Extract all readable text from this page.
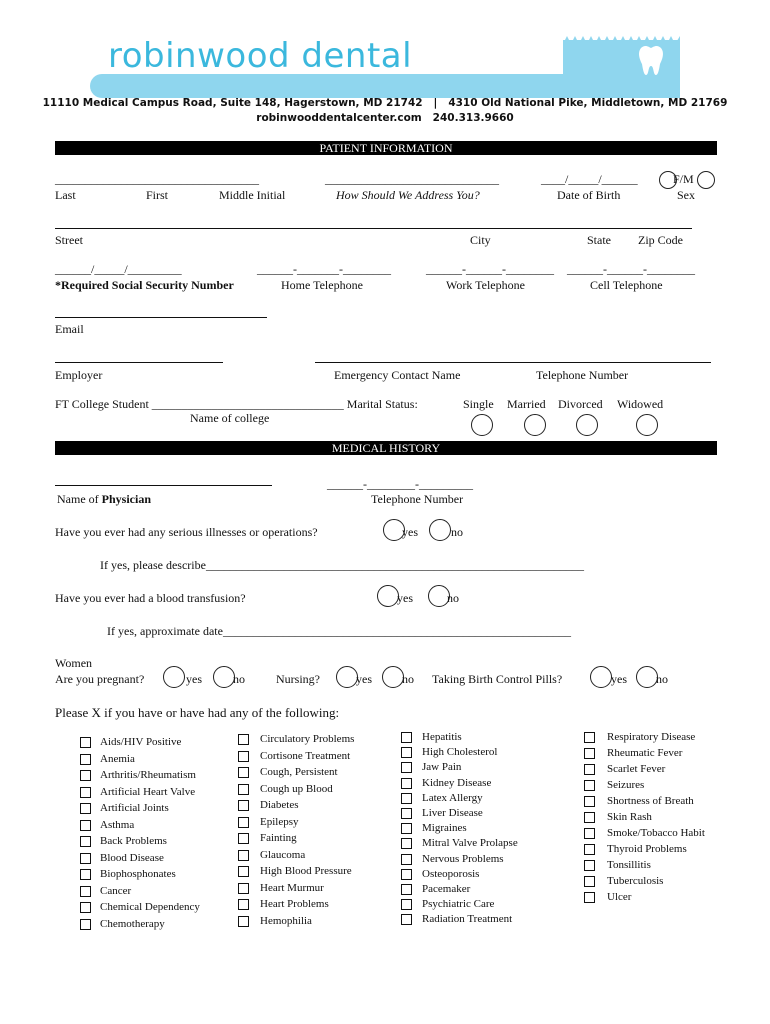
robinwood dental
11110 Medical Campus Road, Suite 148, Hagerstown, MD 21742   |   4310 Old National Pike, Middletown, MD 21769
robinwooddentalcenter.com   240.313.9660
PATIENT INFORMATION
__________________________________
Last	First	Middle Initial
_____________________________
How Should We Address You?
____/_____/______
Date of Birth
F/M
Sex
Street	City	State Zip Code
______/_____/_________
*Required Social Security Number
______-_______-________
Home Telephone
______-______-________
Work Telephone
______-______-________
Cell Telephone
Email
Employer	Emergency Contact Name	Telephone Number
FT College Student ________________________________ Marital Status:
Name of college
Single Married Divorced Widowed
MEDICAL HISTORY
Name of Physician
______-________-_________
Telephone Number
Have you ever had any serious illnesses or operations?	yes	no
If yes, please describe_______________________________________________________________
Have you ever had a blood transfusion?	yes	no
If yes, approximate date__________________________________________________________
Women
Are you pregnant?	yes	no	Nursing?	yes	no Taking Birth Control Pills?	yes no
Please X if you have or have had any of the following:
Aids/HIV Positive
Anemia
Arthritis/Rheumatism
Artificial Heart Valve
Artificial Joints
Asthma
Back Problems
Blood Disease
Biophosphonates
Cancer
Chemical Dependency
Chemotherapy
Circulatory Problems
Cortisone Treatment
Cough, Persistent
Cough up Blood
Diabetes
Epilepsy
Fainting
Glaucoma
High Blood Pressure
Heart Murmur
Heart Problems
Hemophilia
Hepatitis
High Cholesterol
Jaw Pain
Kidney Disease
Latex Allergy
Liver Disease
Migraines
Mitral Valve Prolapse
Nervous Problems
Osteoporosis
Pacemaker
Psychiatric Care
Radiation Treatment
Respiratory Disease
Rheumatic Fever
Scarlet Fever
Seizures
Shortness of Breath
Skin Rash
Smoke/Tobacco Habit
Thyroid Problems
Tonsillitis
Tuberculosis
Ulcer
